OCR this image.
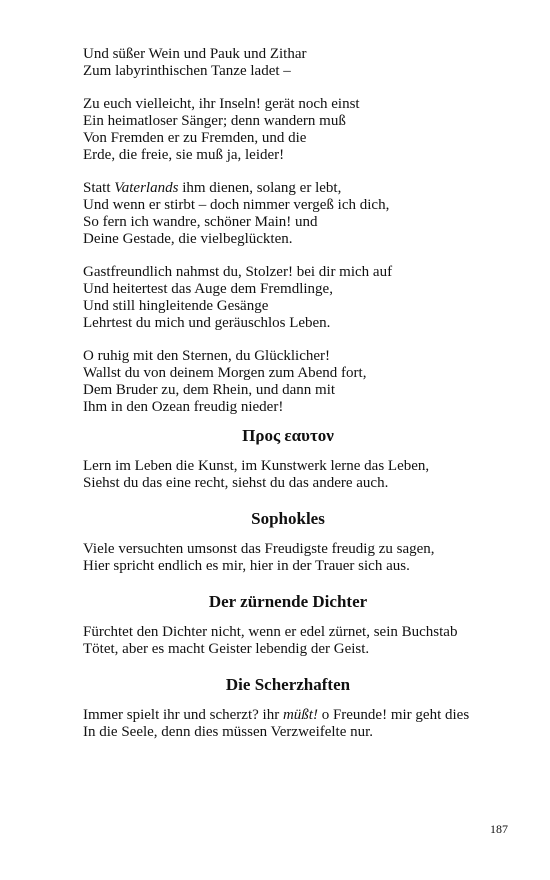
Und süßer Wein und Pauk und Zithar
Zum labyrinthischen Tanze ladet –
Zu euch vielleicht, ihr Inseln! gerät noch einst
Ein heimatloser Sänger; denn wandern muß
Von Fremden er zu Fremden, und die
Erde, die freie, sie muß ja, leider!
Statt Vaterlands ihm dienen, solang er lebt,
Und wenn er stirbt – doch nimmer vergeß ich dich,
So fern ich wandre, schöner Main! und
Deine Gestade, die vielbeglückten.
Gastfreundlich nahmst du, Stolzer! bei dir mich auf
Und heitertest das Auge dem Fremdlinge,
Und still hingleitende Gesänge
Lehrtest du mich und geräuschlos Leben.
O ruhig mit den Sternen, du Glücklicher!
Wallst du von deinem Morgen zum Abend fort,
Dem Bruder zu, dem Rhein, und dann mit
Ihm in den Ozean freudig nieder!
Προς εαυτον
Lern im Leben die Kunst, im Kunstwerk lerne das Leben,
Siehst du das eine recht, siehst du das andere auch.
Sophokles
Viele versuchten umsonst das Freudigste freudig zu sagen,
Hier spricht endlich es mir, hier in der Trauer sich aus.
Der zürnende Dichter
Fürchtet den Dichter nicht, wenn er edel zürnet, sein Buchstab
Tötet, aber es macht Geister lebendig der Geist.
Die Scherzhaften
Immer spielt ihr und scherzt? ihr müßt! o Freunde! mir geht dies
In die Seele, denn dies müssen Verzweifelte nur.
187
